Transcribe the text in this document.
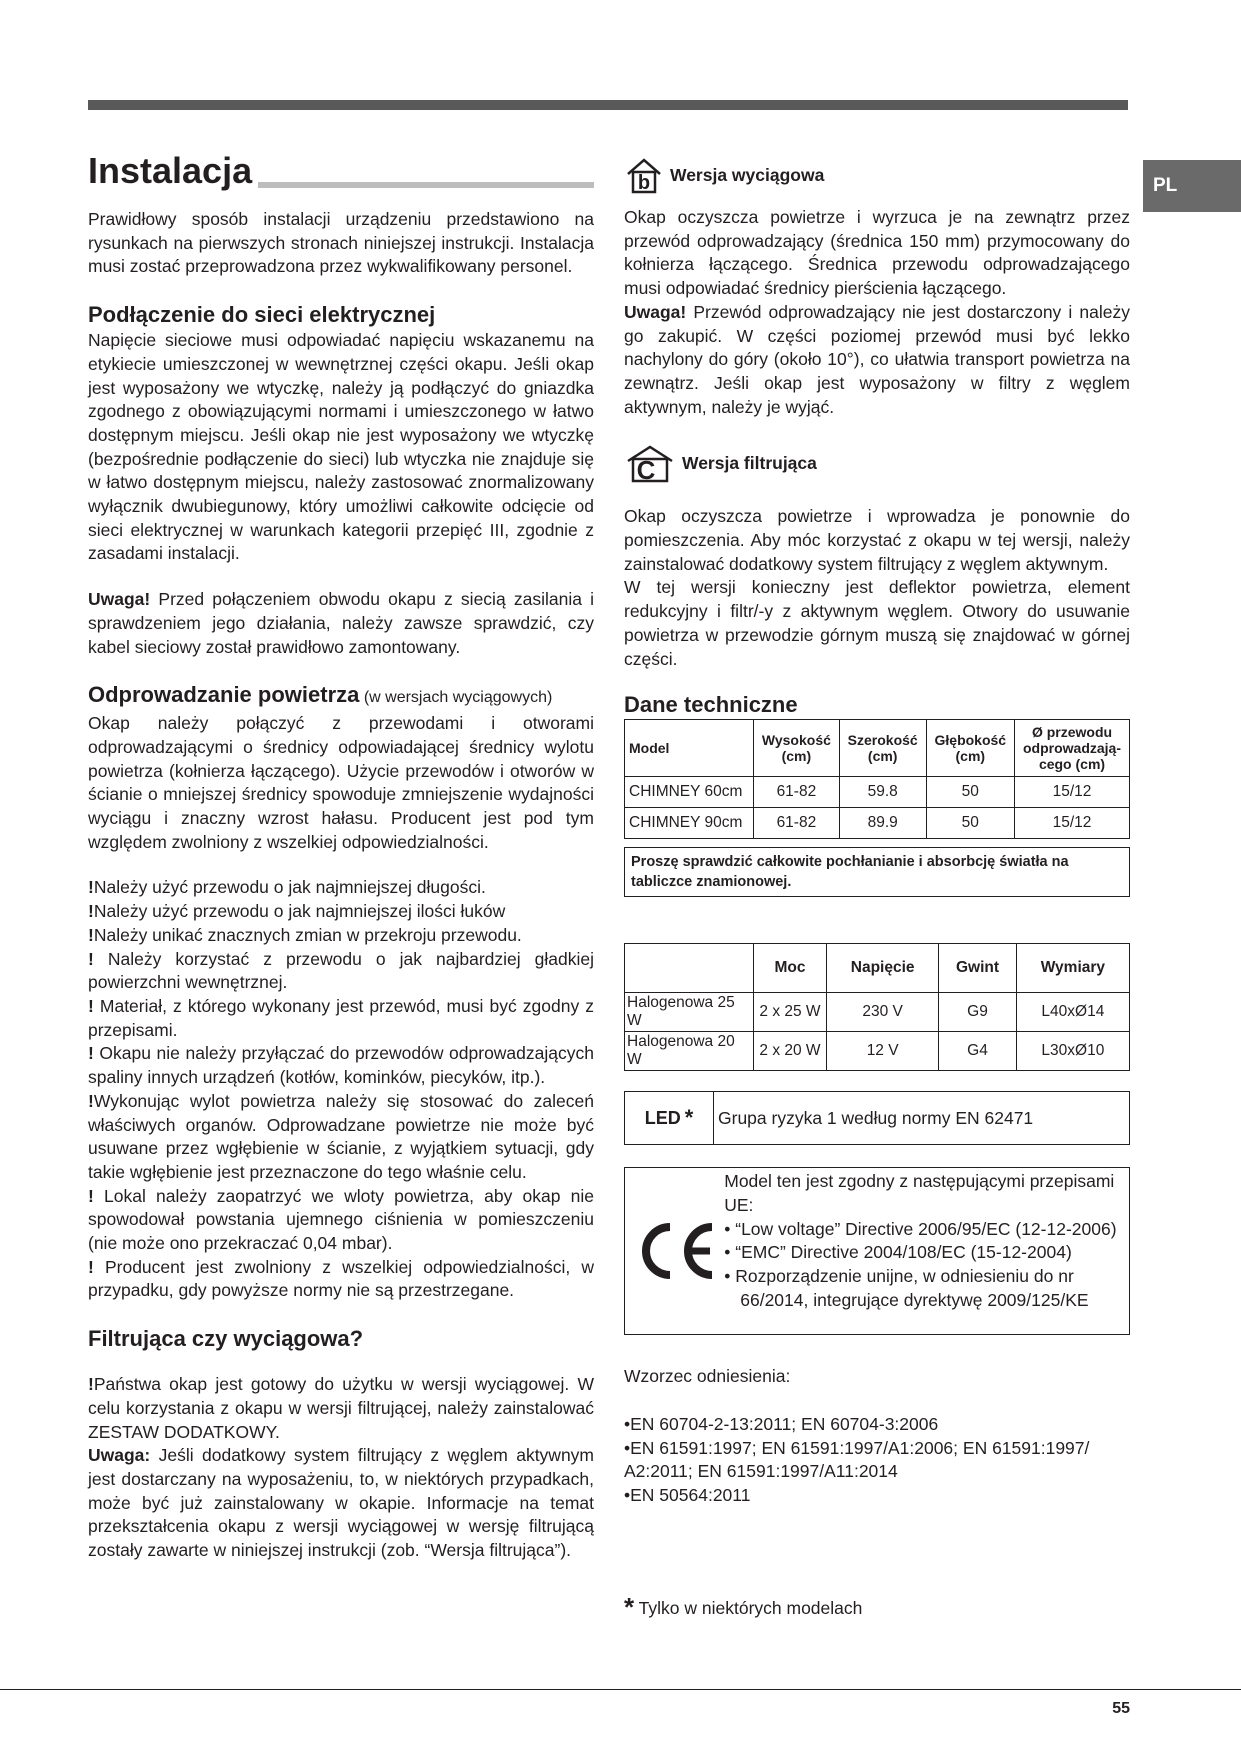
PL
Instalacja

Prawidłowy sposób instalacji urządzeniu przedstawiono na rysunkach na pierwszych stronach niniejszej instrukcji. Instalacja musi zostać przeprowadzona przez wykwalifikowany personel.

Podłączenie do sieci elektrycznej

Napięcie sieciowe musi odpowiadać napięciu wskazanemu na etykiecie umieszczonej w wewnętrznej części okapu. Jeśli okap jest wyposażony we wtyczkę, należy ją podłączyć do gniazdka zgodnego z obowiązującymi normami i umieszczonego w łatwo dostępnym miejscu. Jeśli okap nie jest wyposażony we wtyczkę (bezpośrednie podłączenie do sieci) lub wtyczka nie znajduje się w łatwo dostępnym miejscu, należy zastosować znormalizowany wyłącznik dwubiegunowy, który umożliwi całkowite odcięcie od sieci elektrycznej w warunkach kategorii przepięć III, zgodnie z zasadami instalacji.

Uwaga! Przed połączeniem obwodu okapu z siecią zasilania i sprawdzeniem jego działania, należy zawsze sprawdzić, czy kabel sieciowy został prawidłowo zamontowany.

Odprowadzanie powietrza (w wersjach wyciągowych)

Okap należy połączyć z przewodami i otworami odprowadzającymi o średnicy odpowiadającej średnicy wylotu powietrza (kołnierza łączącego). Użycie przewodów i otworów w ścianie o mniejszej średnicy spowoduje zmniejszenie wydajności wyciągu i znaczny wzrost hałasu. Producent jest pod tym względem zwolniony z wszelkiej odpowiedzialności.

!Należy użyć przewodu o jak najmniejszej długości.

!Należy użyć przewodu o jak najmniejszej ilości łuków

!Należy unikać znacznych zmian w przekroju przewodu.

! Należy korzystać z przewodu o jak najbardziej gładkiej powierzchni wewnętrznej.

! Materiał, z którego wykonany jest przewód, musi być zgodny z przepisami.

! Okapu nie należy przyłączać do przewodów odprowadzających spaliny innych urządzeń (kotłów, kominków, piecyków, itp.).

!Wykonując wylot powietrza należy się stosować do zaleceń właściwych organów. Odprowadzane powietrze nie może być usuwane przez wgłębienie w ścianie, z wyjątkiem sytuacji, gdy takie wgłębienie jest przeznaczone do tego właśnie celu.

! Lokal należy zaopatrzyć we wloty powietrza, aby okap nie spowodował powstania ujemnego ciśnienia w pomieszczeniu (nie może ono przekraczać 0,04 mbar).

! Producent jest zwolniony z wszelkiej odpowiedzialności, w przypadku, gdy powyższe normy nie są przestrzegane.

Filtrująca czy wyciągowa?

!Państwa okap jest gotowy do użytku w wersji wyciągowej. W celu korzystania z okapu w wersji filtrującej, należy zainstalować ZESTAW DODATKOWY.

Uwaga: Jeśli dodatkowy system filtrujący z węglem aktywnym jest dostarczany na wyposażeniu, to, w niektórych przypadkach, może być już zainstalowany w okapie. Informacje na temat przekształcenia okapu z wersji wyciągowej w wersję filtrującą zostały zawarte w niniejszej instrukcji (zob. “Wersja filtrująca”).

b Wersja wyciągowa

Okap oczyszcza powietrze i wyrzuca je na zewnątrz przez przewód odprowadzający (średnica 150 mm) przymocowany do kołnierza łączącego. Średnica przewodu odprowadzającego musi odpowiadać średnicy pierścienia łączącego.

Uwaga! Przewód odprowadzający nie jest dostarczony i należy go zakupić. W części poziomej przewód musi być lekko nachylony do góry (około 10°), co ułatwia transport powietrza na zewnątrz. Jeśli okap jest wyposażony w filtry z węglem aktywnym, należy je wyjąć.

C Wersja filtrująca

Okap oczyszcza powietrze i wprowadza je ponownie do pomieszczenia. Aby móc korzystać z okapu w tej wersji, należy zainstalować dodatkowy system filtrujący z węglem aktywnym.

W tej wersji konieczny jest deflektor powietrza, element redukcyjny i filtr/-y z aktywnym węglem. Otwory do usuwanie powietrza w przewodzie górnym muszą się znajdować w górnej części.

Dane techniczne
Model	Wysokość (cm)	Szerokość (cm)	Głębokość (cm)	Ø przewodu odprowadzają-cego (cm)
CHIMNEY 60cm	61-82	59.8	50	15/12
CHIMNEY 90cm	61-82	89.9	50	15/12
Proszę sprawdzić całkowite pochłanianie i absorbcję światła na tabliczce znamionowej.
	Moc	Napięcie	Gwint	Wymiary
Halogenowa 25 W	2 x 25 W	230 V	G9	L40xØ14
Halogenowa 20 W	2 x 20 W	12 V	G4	L30xØ10
LED * Grupa ryzyka 1 według normy EN 62471
Model ten jest zgodny z następującymi przepisami UE:
• “Low voltage” Directive 2006/95/EC (12-12-2006)
• “EMC” Directive 2004/108/EC (15-12-2004)
• Rozporządzenie unijne, w odniesieniu do nr
66/2014, integrujące dyrektywę 2009/125/KE

Wzorzec odniesienia:

•EN 60704-2-13:2011; EN 60704-3:2006

•EN 61591:1997; EN 61591:1997/A1:2006; EN 61591:1997/ A2:2011; EN 61591:1997/A11:2014

•EN 50564:2011

* Tylko w niektórych modelach

55
